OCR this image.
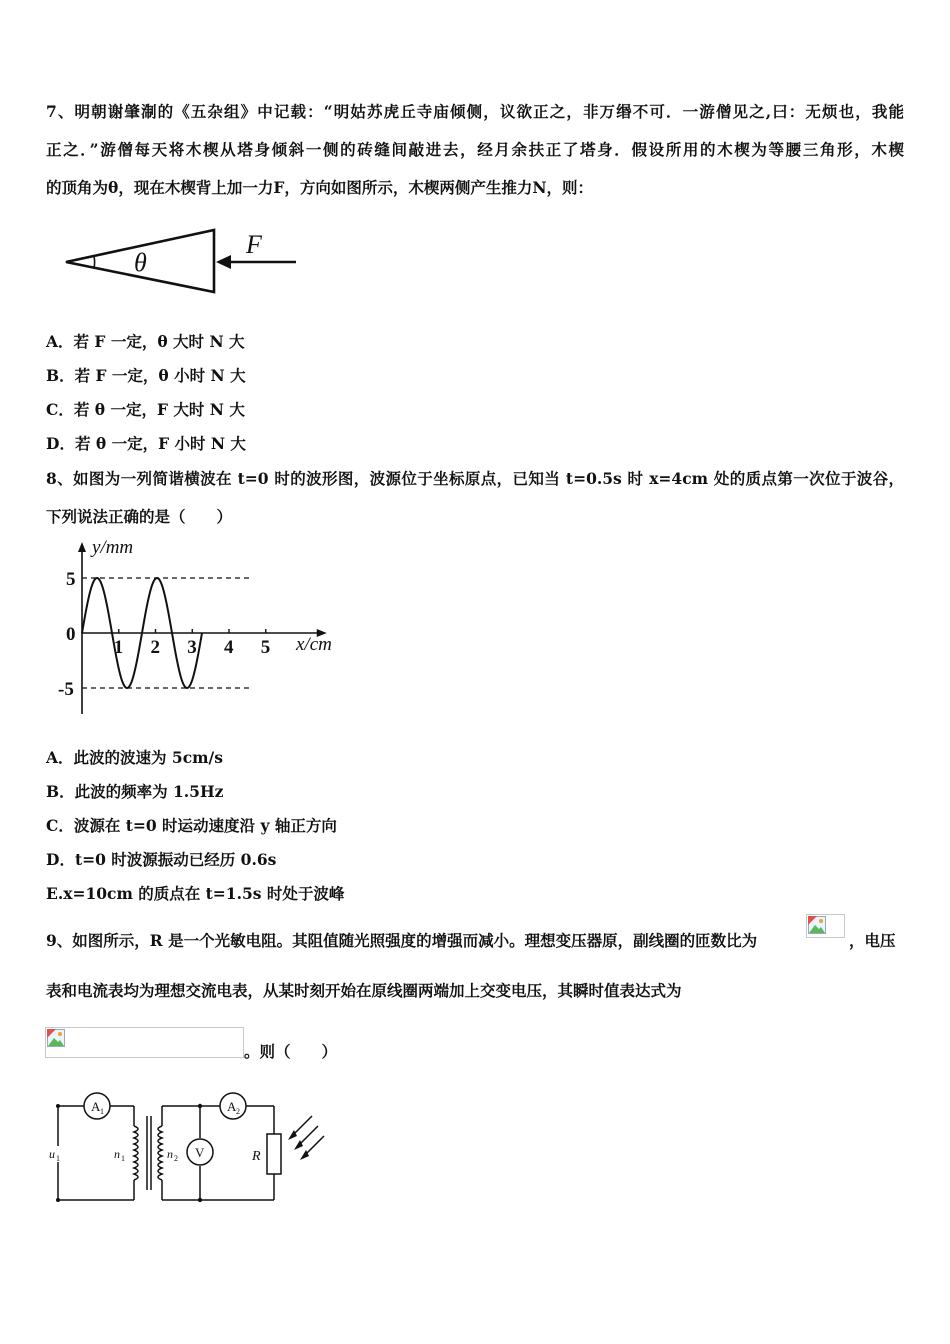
7、明朝谢肇淛的《五杂组》中记载：“明姑苏虎丘寺庙倾侧，议欲正之，非万缗不可．一游僧见之,曰：无烦也，我能
正之．”游僧每天将木楔从塔身倾斜一侧的砖缝间敲进去，经月余扶正了塔身．假设所用的木楔为等腰三角形，木楔
的顶角为θ，现在木楔背上加一力F，方向如图所示，木楔两侧产生推力N，则：
θ
F
A．若 F 一定，θ 大时 N 大
B．若 F 一定，θ 小时 N 大
C．若 θ 一定，F 大时 N 大
D．若 θ 一定，F 小时 N 大
8、如图为一列简谐横波在 t=0 时的波形图，波源位于坐标原点，已知当 t=0.5s 时 x=4cm 处的质点第一次位于波谷，
下列说法正确的是（　　）
1 2 3 4 5
5
0
-5
y/mm
x/cm
A．此波的波速为 5cm/s
B．此波的频率为 1.5Hz
C．波源在 t=0 时运动速度沿 y 轴正方向
D．t=0 时波源振动已经历 0.6s
E.x=10cm 的质点在 t=1.5s 时处于波峰
9、如图所示，R 是一个光敏电阻。其阻值随光照强度的增强而减小。理想变压器原，副线圈的匝数比为	，电压
表和电流表均为理想交流电表，从某时刻开始在原线圈两端加上交变电压，其瞬时值表达式为
。则（　　）
A 1	A 2
V
u 1	n 1	n 2	R
